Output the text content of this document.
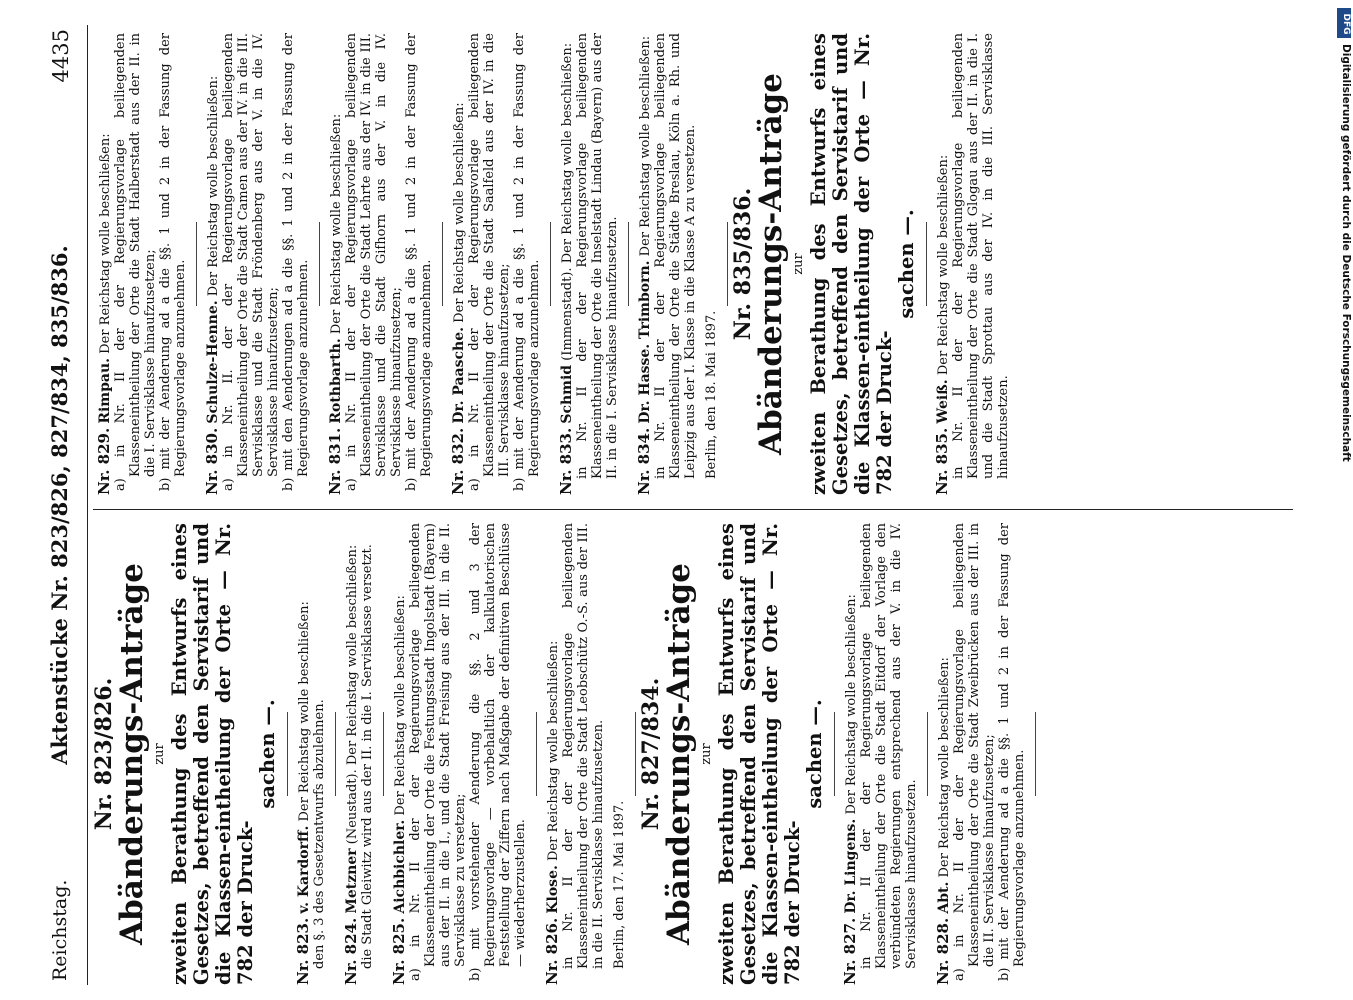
Reichstag.
Aktenstücke Nr. 823/826, 827/834, 835/836.
4435
Nr. 823/826.
Abänderungs-Anträge zur zweiten Berathung des Entwurfs eines Gesetzes, betreffend den Servistarif und die Klassen-eintheilung der Orte — Nr. 782 der Druck-
sachen —.
Nr. 823. v. Kardorff. Der Reichstag wolle beschließen: den §. 3 des Gesetzentwurfs abzulehnen. Nr. 824. Metzner (Neustadt). Der Reichstag wolle beschließen: die Stadt Gleiwitz wird aus der II. in die I. Servisklasse versetzt. Nr. 825. Aichbichler. Der Reichstag wolle beschließen: a) in Nr. II der der Regierungsvorlage beiliegenden Klasseneintheilung der Orte die Festungsstadt Ingolstadt (Bayern) aus der II. in die I., und die Stadt Freising aus der III. in die II. Servisklasse zu versetzen; b) mit vorstehender Aenderung die §§. 2 und 3 der Regierungsvorlage — vorbehaltlich der kalkulatorischen Feststellung der Ziffern nach Maßgabe der definitiven Beschlüsse — wiederherzustellen. Nr. 826. Klose. Der Reichstag wolle beschließen: in Nr. II der der Regierungsvorlage beiliegenden Klasseneintheilung der Orte die Stadt Leobschütz O.-S. aus der III. in die II. Servisklasse hinaufzusetzen. Berlin, den 17. Mai 1897.
Nr. 827/834.
Abänderungs-Anträge zur zweiten Berathung des Entwurfs eines Gesetzes, betreffend den Servistarif und die Klassen-eintheilung der Orte — Nr. 782 der Druck-
sachen —.
Nr. 827. Dr. Lingens. Der Reichstag wolle beschließen: in Nr. II der der Regierungsvorlage beiliegenden Klasseneintheilung der Orte die Stadt Eitdorf der Vorlage den verbündeten Regierungen entsprechend aus der V. in die IV. Servisklasse hinaufzusetzen. Nr. 828. Abt. Der Reichstag wolle beschließen: a) in Nr. II der der Regierungsvorlage beiliegenden Klasseneintheilung der Orte die Stadt Zweibrücken aus der III. in die II. Servisklasse hinaufzusetzen; b) mit der Aenderung ad a die §§. 1 und 2 in der Fassung der Regierungsvorlage anzunehmen.
Nr. 829. Rimpau. Der Reichstag wolle beschließen: a) in Nr. II der der Regierungsvorlage beiliegenden Klasseneintheilung der Orte die Stadt Halberstadt aus der II. in die I. Servisklasse hinaufzusetzen; b) mit der Aenderung ad a die §§. 1 und 2 in der Fassung der Regierungsvorlage anzunehmen. Nr. 830. Schulze-Henne. Der Reichstag wolle beschließen: a) in Nr. II. der der Regierungsvorlage beiliegenden Klasseneintheilung der Orte die Stadt Camen aus der IV. in die III. Servisklasse und die Stadt Fröndenberg aus der V. in die IV. Servisklasse hinaufzusetzen; b) mit den Aenderungen ad a die §§. 1 und 2 in der Fassung der Regierungsvorlage anzunehmen. Nr. 831. Rothbarth. Der Reichstag wolle beschließen: a) in Nr. II der der Regierungsvorlage beiliegenden Klasseneintheilung der Orte die Stadt Lehrte aus der IV. in die III. Servisklasse und die Stadt Gifhorn aus der V. in die IV. Servisklasse hinaufzusetzen; b) mit der Aenderung ad a die §§. 1 und 2 in der Fassung der Regierungsvorlage anzunehmen. Nr. 832. Dr. Paasche. Der Reichstag wolle beschließen: a) in Nr. II der der Regierungsvorlage beiliegenden Klasseneintheilung der Orte die Stadt Saalfeld aus der IV. in die III. Servisklasse hinaufzusetzen; b) mit der Aenderung ad a die §§. 1 und 2 in der Fassung der Regierungsvorlage anzunehmen. Nr. 833. Schmid (Immenstadt). Der Reichstag wolle beschließen: in Nr. II der der Regierungsvorlage beiliegenden Klasseneintheilung der Orte die Inselstadt Lindau (Bayern) aus der II. in die I. Servisklasse hinaufzusetzen. Nr. 834. Dr. Hasse. Trimborn. Der Reichstag wolle beschließen: in Nr. II der der Regierungsvorlage beiliegenden Klasseneintheilung der Orte die Städte Breslau, Köln a. Rh. und Leipzig aus der I. Klasse in die Klasse A zu versetzen. Berlin, den 18. Mai 1897.
Nr. 835/836.
Abänderungs-Anträge zur zweiten Berathung des Entwurfs eines Gesetzes, betreffend den Servistarif und die Klassen-eintheilung der Orte — Nr. 782 der Druck-
sachen —.
Nr. 835. Weiß. Der Reichstag wolle beschließen: in Nr. II der der Regierungsvorlage beiliegenden Klasseneintheilung der Orte die Stadt Glogau aus der II. in die I. und die Stadt Sprottau aus der IV. in die III. Servisklasse hinaufzusetzen.
DFG
Digitalisierung gefördert durch die Deutsche Forschungsgemeinschaft
